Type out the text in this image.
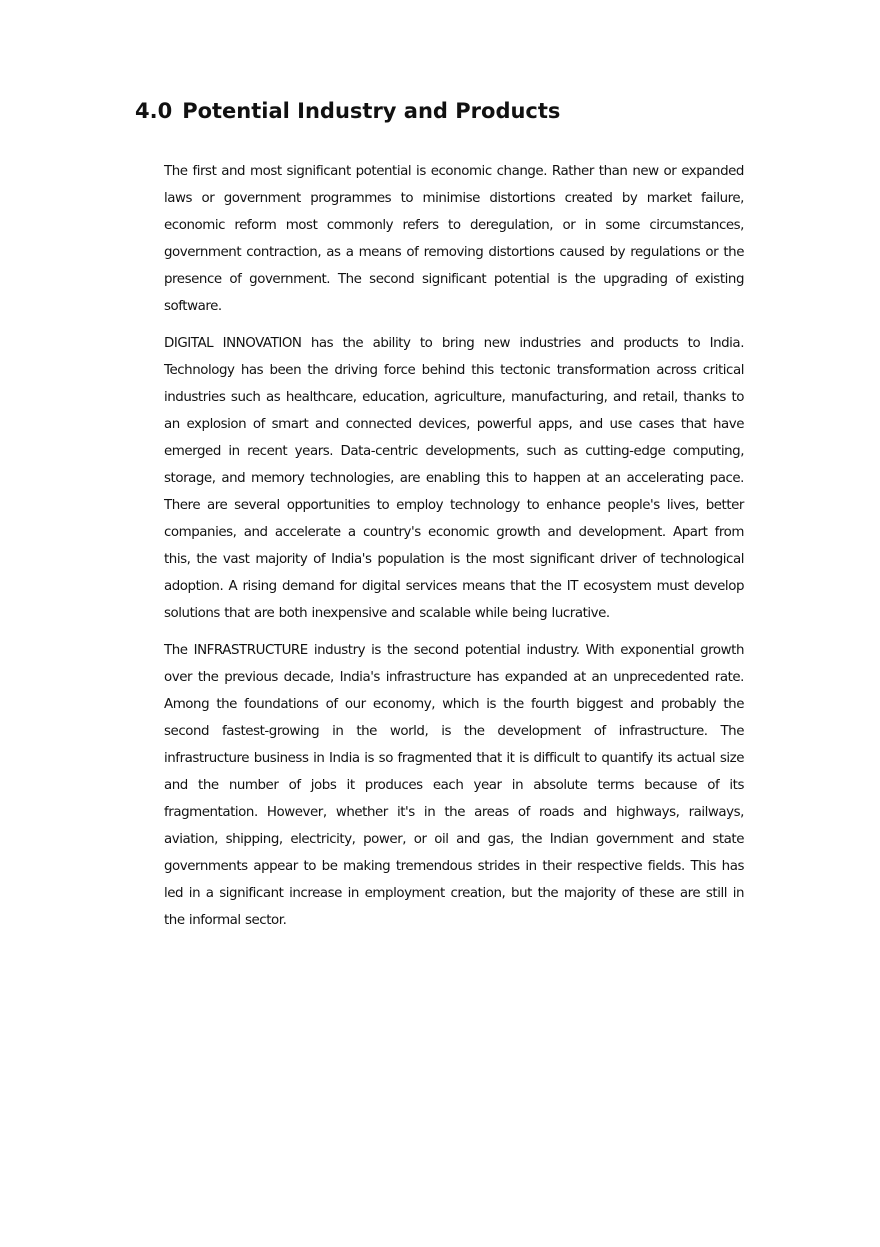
4.0 Potential Industry and Products

The first and most significant potential is economic change. Rather than new or expanded laws or government programmes to minimise distortions created by market failure, economic reform most commonly refers to deregulation, or in some circumstances, government contraction, as a means of removing distortions caused by regulations or the presence of government. The second significant potential is the upgrading of existing software.

DIGITAL INNOVATION has the ability to bring new industries and products to India. Technology has been the driving force behind this tectonic transformation across critical industries such as healthcare, education, agriculture, manufacturing, and retail, thanks to an explosion of smart and connected devices, powerful apps, and use cases that have emerged in recent years. Data-centric developments, such as cutting-edge computing, storage, and memory technologies, are enabling this to happen at an accelerating pace. There are several opportunities to employ technology to enhance people's lives, better companies, and accelerate a country's economic growth and development. Apart from this, the vast majority of India's population is the most significant driver of technological adoption. A rising demand for digital services means that the IT ecosystem must develop solutions that are both inexpensive and scalable while being lucrative.

The INFRASTRUCTURE industry is the second potential industry. With exponential growth over the previous decade, India's infrastructure has expanded at an unprecedented rate. Among the foundations of our economy, which is the fourth biggest and probably the second fastest-growing in the world, is the development of infrastructure. The infrastructure business in India is so fragmented that it is difficult to quantify its actual size and the number of jobs it produces each year in absolute terms because of its fragmentation. However, whether it's in the areas of roads and highways, railways, aviation, shipping, electricity, power, or oil and gas, the Indian government and state governments appear to be making tremendous strides in their respective fields. This has led in a significant increase in employment creation, but the majority of these are still in the informal sector.
